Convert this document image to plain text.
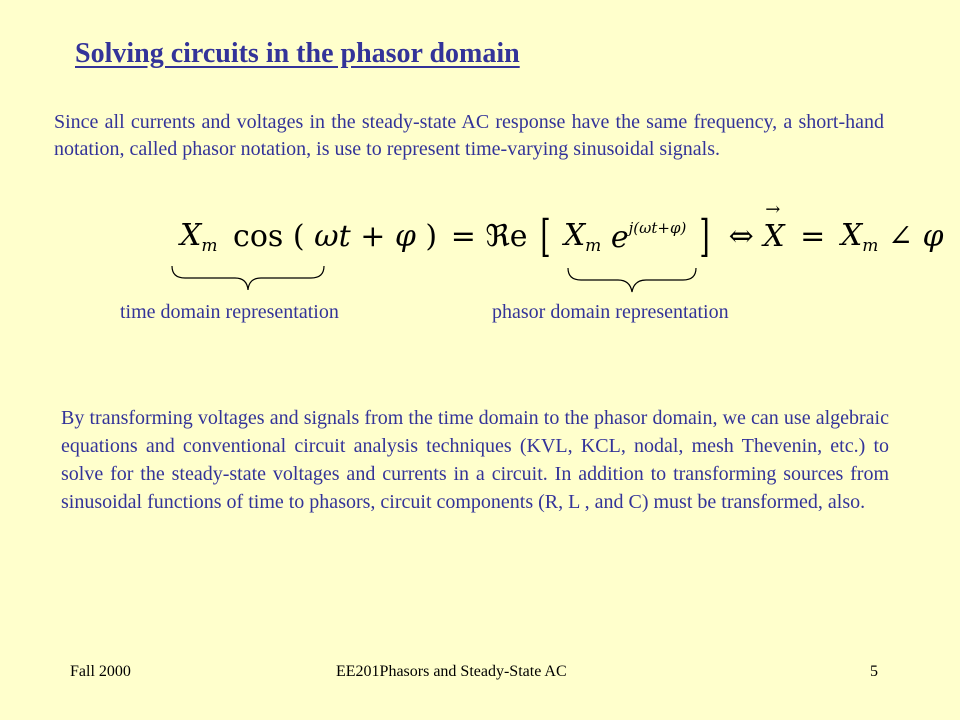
Solving circuits in the phasor domain

Since all currents and voltages in the steady-state AC response have the same frequency, a short-hand notation, called phasor notation, is use to represent time-varying sinusoidal signals.

$X_m$ cos ( ωt + φ ) = ℜe [ $X_m$ $e^{j(\omega t+\varphi)}$ ] ⇔ → $X = X_m$ ∠ φ

time domain representation	phasor domain representation

By transforming voltages and signals from the time domain to the phasor domain, we can use algebraic equations and conventional circuit analysis techniques (KVL, KCL, nodal, mesh Thevenin, etc.) to solve for the steady-state voltages and currents in a circuit. In addition to transforming sources from sinusoidal functions of time to phasors, circuit components (R, L , and C) must be transformed, also.

Fall 2000	EE201Phasors and Steady-State AC	5
